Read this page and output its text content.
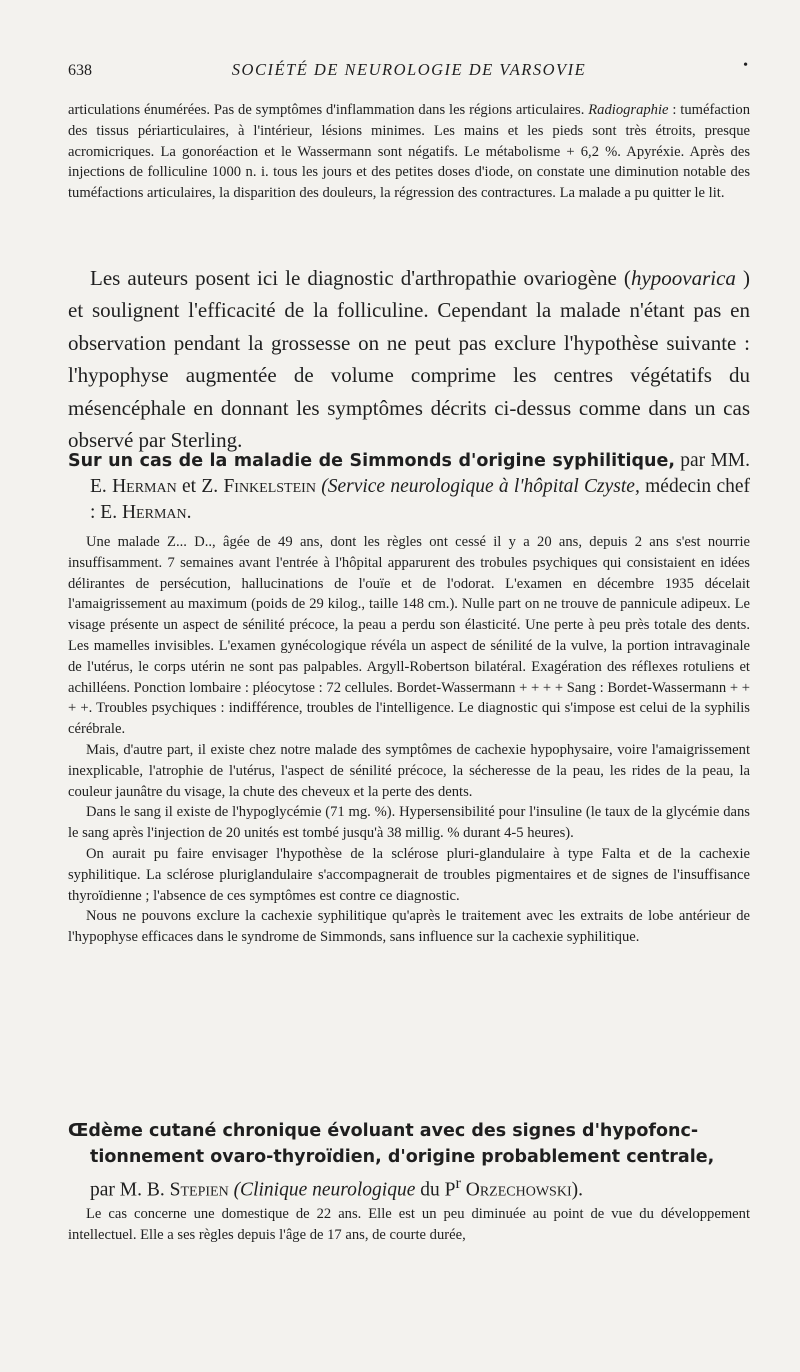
638	SOCIÉTÉ DE NEUROLOGIE DE VARSOVIE	•

articulations énumérées. Pas de symptômes d'inflammation dans les régions articulaires. Radiographie : tuméfaction des tissus périarticulaires, à l'intérieur, lésions minimes. Les mains et les pieds sont très étroits, presque acromicriques. La gonoréaction et le Wassermann sont négatifs. Le métabolisme + 6,2 %. Apyréxie. Après des injections de folliculine 1000 n. i. tous les jours et des petites doses d'iode, on constate une diminution notable des tuméfactions articulaires, la disparition des douleurs, la régression des contractures. La malade a pu quitter le lit.

Les auteurs posent ici le diagnostic d'arthropathie ovariogène (hypoovarica ) et soulignent l'efficacité de la folliculine. Cependant la malade n'étant pas en observation pendant la grossesse on ne peut pas exclure l'hypothèse suivante : l'hypophyse augmentée de volume comprime les centres végétatifs du mésencéphale en donnant les symptômes décrits ci-dessus comme dans un cas observé par Sterling.

Sur un cas de la maladie de Simmonds d'origine syphilitique, par MM. E. Herman et Z. Finkelstein (Service neurologique à l'hôpital Czyste, médecin chef : E. Herman.

Une malade Z... D.., âgée de 49 ans, dont les règles ont cessé il y a 20 ans, depuis 2 ans s'est nourrie insuffisamment. 7 semaines avant l'entrée à l'hôpital apparurent des trobules psychiques qui consistaient en idées délirantes de persécution, hallucinations de l'ouïe et de l'odorat. L'examen en décembre 1935 décelait l'amaigrissement au maximum (poids de 29 kilog., taille 148 cm.). Nulle part on ne trouve de pannicule adipeux. Le visage présente un aspect de sénilité précoce, la peau a perdu son élasticité. Une perte à peu près totale des dents. Les mamelles invisibles. L'examen gynécologique révéla un aspect de sénilité de la vulve, la portion intravaginale de l'utérus, le corps utérin ne sont pas palpables. Argyll-Robertson bilatéral. Exagération des réflexes rotuliens et achilléens. Ponction lombaire : pléocytose : 72 cellules. Bordet-Wassermann + + + + Sang : Bordet-Wassermann + + + +. Troubles psychiques : indifférence, troubles de l'intelligence. Le diagnostic qui s'impose est celui de la syphilis cérébrale.

Mais, d'autre part, il existe chez notre malade des symptômes de cachexie hypophysaire, voire l'amaigrissement inexplicable, l'atrophie de l'utérus, l'aspect de sénilité précoce, la sécheresse de la peau, les rides de la peau, la couleur jaunâtre du visage, la chute des cheveux et la perte des dents.

Dans le sang il existe de l'hypoglycémie (71 mg. %). Hypersensibilité pour l'insuline (le taux de la glycémie dans le sang après l'injection de 20 unités est tombé jusqu'à 38 millig. % durant 4-5 heures).

On aurait pu faire envisager l'hypothèse de la sclérose pluri-glandulaire à type Falta et de la cachexie syphilitique. La sclérose pluriglandulaire s'accompagnerait de troubles pigmentaires et de signes de l'insuffisance thyroïdienne ; l'absence de ces symptômes est contre ce diagnostic.

Nous ne pouvons exclure la cachexie syphilitique qu'après le traitement avec les extraits de lobe antérieur de l'hypophyse efficaces dans le syndrome de Simmonds, sans influence sur la cachexie syphilitique.

Œdème cutané chronique évoluant avec des signes d'hypofonc-
tionnement ovaro-thyroïdien, d'origine probablement centrale,
par M. B. Stepien (Clinique neurologique du $P^r$ Orzechowski).

Le cas concerne une domestique de 22 ans. Elle est un peu diminuée au point de vue du développement intellectuel. Elle a ses règles depuis l'âge de 17 ans, de courte durée,
